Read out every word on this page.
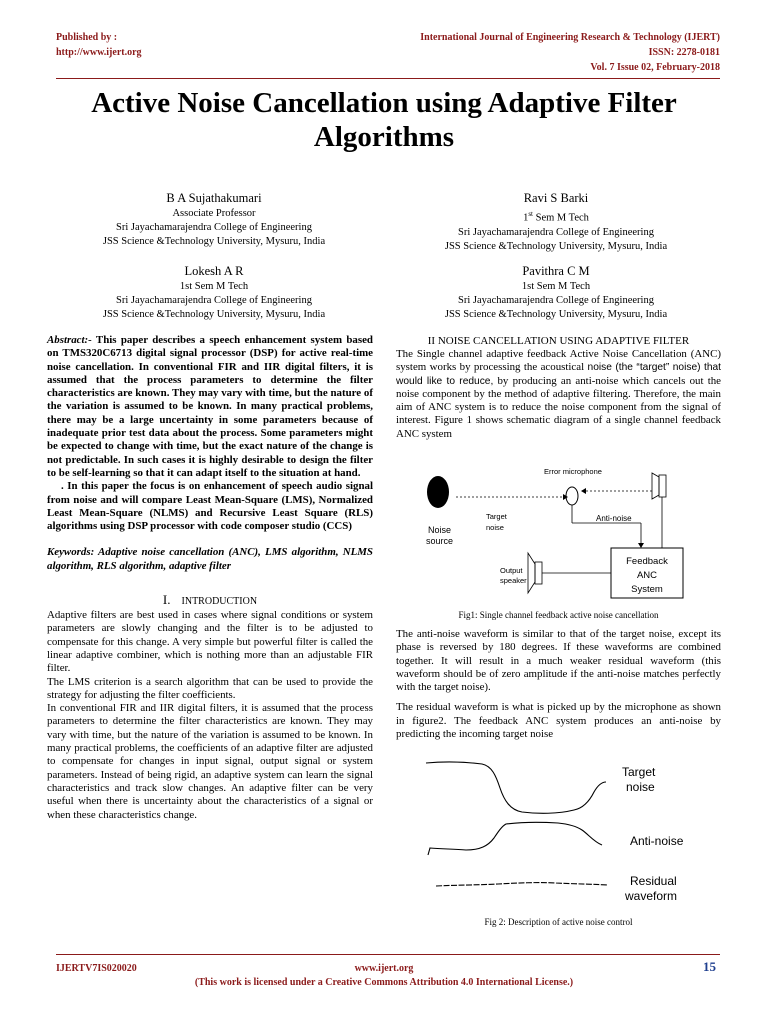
Published by :
http://www.ijert.org
International Journal of Engineering Research & Technology (IJERT)
ISSN: 2278-0181
Vol. 7 Issue 02, February-2018
Active Noise Cancellation using Adaptive Filter
Algorithms
B A Sujathakumari
Associate Professor
Sri Jayachamarajendra College of Engineering
JSS Science &Technology University, Mysuru, India
Ravi S Barki
1st Sem M Tech
Sri Jayachamarajendra College of Engineering
JSS Science &Technology University, Mysuru, India
Lokesh A R
1st Sem M Tech
Sri Jayachamarajendra College of Engineering
JSS Science &Technology University, Mysuru, India
Pavithra C M
1st Sem M Tech
Sri Jayachamarajendra College of Engineering
JSS Science &Technology University, Mysuru, India

Abstract:- This paper describes a speech enhancement system based on TMS320C6713 digital signal processor (DSP) for active real-time noise cancellation. In conventional FIR and IIR digital filters, it is assumed that the process parameters to determine the filter characteristics are known. They may vary with time, but the nature of the variation is assumed to be known. In many practical problems, there may be a large uncertainty in some parameters because of inadequate prior test data about the process. Some parameters might be expected to change with time, but the exact nature of the change is not predictable. In such cases it is highly desirable to design the filter to be self-learning so that it can adapt itself to the situation at hand.

. In this paper the focus is on enhancement of speech audio signal from noise and will compare Least Mean-Square (LMS), Normalized Least Mean-Square (NLMS) and Recursive Least Square (RLS) algorithms using DSP processor with code composer studio (CCS)

Keywords: Adaptive noise cancellation (ANC), LMS algorithm, NLMS algorithm, RLS algorithm, adaptive filter

I. INTRODUCTION

Adaptive filters are best used in cases where signal conditions or system parameters are slowly changing and the filter is to be adjusted to compensate for this change. A very simple but powerful filter is called the linear adaptive combiner, which is nothing more than an adjustable FIR filter.

The LMS criterion is a search algorithm that can be used to provide the strategy for adjusting the filter coefficients.

In conventional FIR and IIR digital filters, it is assumed that the process parameters to determine the filter characteristics are known. They may vary with time, but the nature of the variation is assumed to be known. In many practical problems, the coefficients of an adaptive filter are adjusted to compensate for changes in input signal, output signal or system parameters. Instead of being rigid, an adaptive system can learn the signal characteristics and track slow changes. An adaptive filter can be very useful when there is uncertainty about the characteristics of a signal or when these characteristics change.

II NOISE CANCELLATION USING ADAPTIVE FILTER

The Single channel adaptive feedback Active Noise Cancellation (ANC) system works by processing the acoustical noise (the “target” noise) that would like to reduce, by producing an anti-noise which cancels out the noise component by the method of adaptive filtering. Therefore, the main aim of ANC system is to reduce the noise component from the signal of interest. Figure 1 shows schematic diagram of a single channel feedback ANC system

Noise
source
Error microphone
Target
noise
Anti-noise
Feedback
ANC
System
Output
speaker
Fig1: Single channel feedback active noise cancellation

The anti-noise waveform is similar to that of the target noise, except its phase is reversed by 180 degrees. If these waveforms are combined together. It will result in a much weaker residual waveform (this waveform should be of zero amplitude if the anti-noise matches perfectly with the target noise).

The residual waveform is what is picked up by the microphone as shown in figure2. The feedback ANC system produces an anti-noise by predicting the incoming target noise

Target
noise
Anti-noise
Residual
waveform
Fig 2: Description of active noise control
IJERTV7IS020020	www.ijert.org	15
(This work is licensed under a Creative Commons Attribution 4.0 International License.)
